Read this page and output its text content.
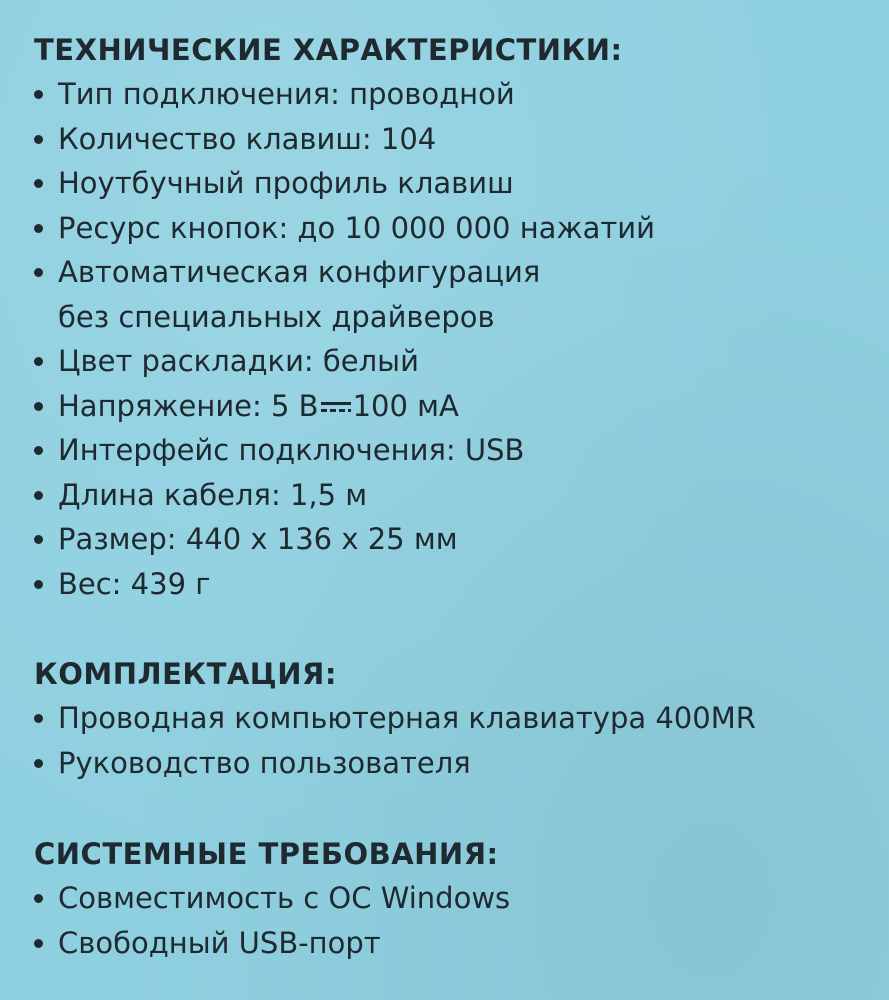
ТЕХНИЧЕСКИЕ ХАРАКТЕРИСТИКИ:
Тип подключения: проводной
Количество клавиш: 104
Ноутбучный профиль клавиш
Ресурс кнопок: до 10 000 000 нажатий
Автоматическая конфигурация
без специальных драйверов
Цвет раскладки: белый
Напряжение: 5 В 100 мА
Интерфейс подключения: USB
Длина кабеля: 1,5 м
Размер: 440 x 136 x 25 мм
Вес: 439 г
КОМПЛЕКТАЦИЯ:
Проводная компьютерная клавиатура 400MR
Руководство пользователя
СИСТЕМНЫЕ ТРЕБОВАНИЯ:
Совместимость с ОС Windows
Свободный USB-порт
